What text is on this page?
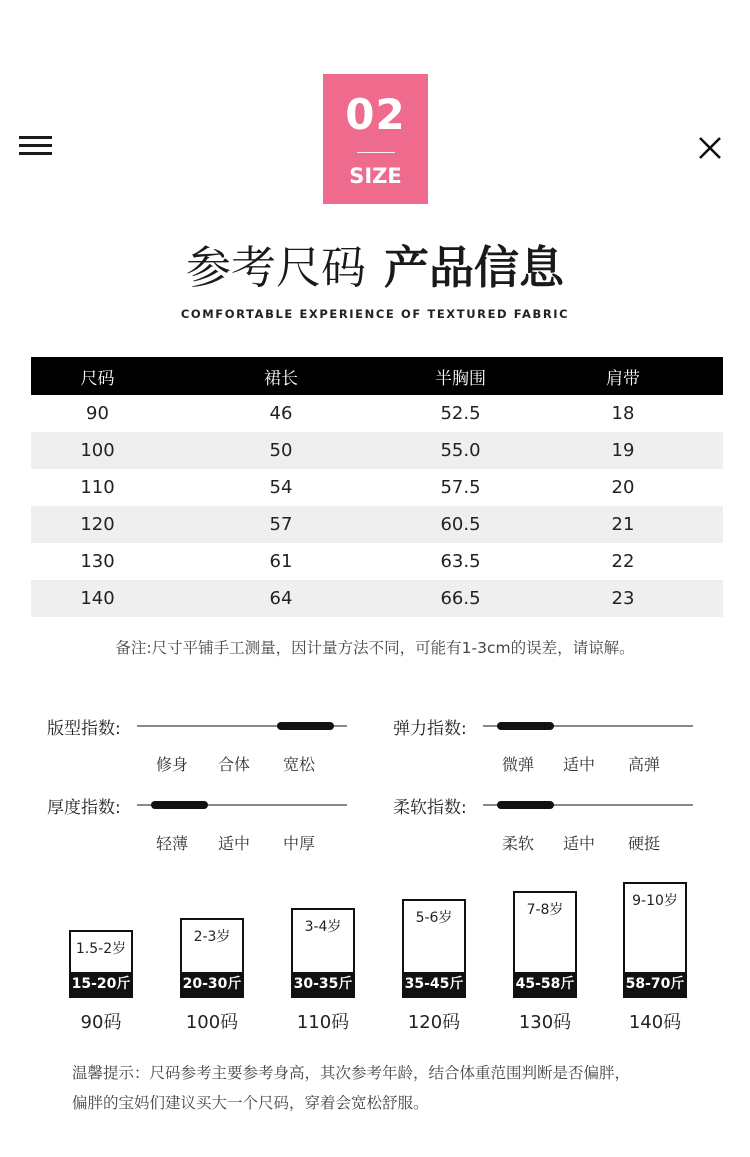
02
SIZE
参考尺码 产品信息
COMFORTABLE EXPERIENCE OF TEXTURED FABRIC
尺码	裙长	半胸围	肩带
90	46	52.5	18
100	50	55.0	19
110	54	57.5	20
120	57	60.5	21
130	61	63.5	22
140	64	66.5	23
备注:尺寸平铺手工测量，因计量方法不同，可能有1-3cm的误差，请谅解。
版型指数:
修身 合体 宽松
弹力指数:
微弹 适中 高弹
厚度指数:
轻薄 适中 中厚
柔软指数:
柔软 适中 硬挺
1.5-2岁
15-20斤
90码
2-3岁
20-30斤
100码
3-4岁
30-35斤
110码
5-6岁
35-45斤
120码
7-8岁
45-58斤
130码
9-10岁
58-70斤
140码
温馨提示：尺码参考主要参考身高，其次参考年龄，结合体重范围判断是否偏胖，
偏胖的宝妈们建议买大一个尺码，穿着会宽松舒服。
